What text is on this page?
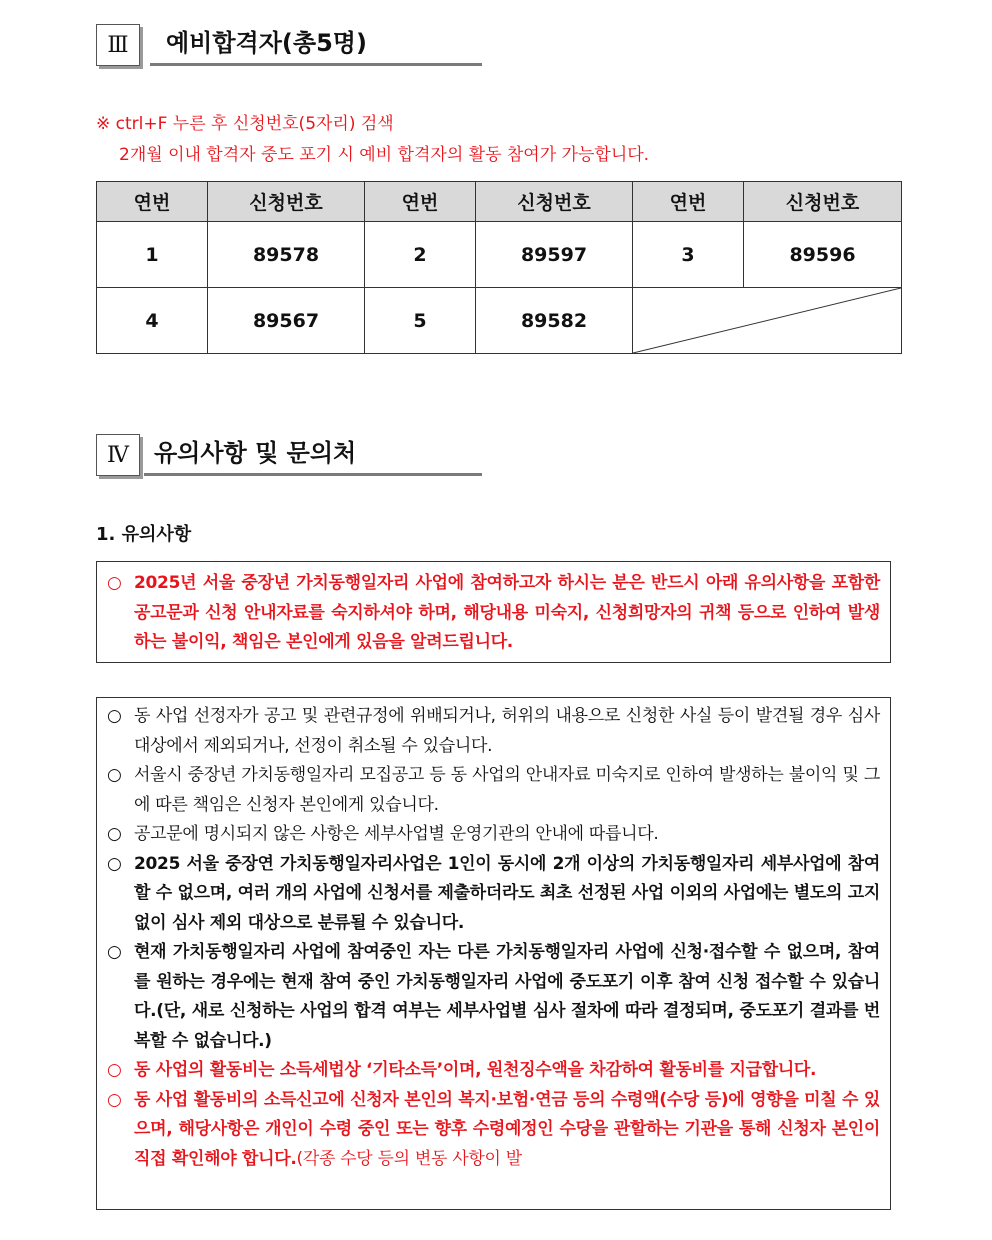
Ⅲ	예비합격자(총5명)
※ ctrl+F 누른 후 신청번호(5자리) 검색
2개월 이내 합격자 중도 포기 시 예비 합격자의 활동 참여가 가능합니다.
연번	신청번호	연번	신청번호	연번	신청번호
1	89578	2	89597	3	89596
4	89567	5	89582	
Ⅳ	유의사항 및 문의처
1. 유의사항
○ 2025년 서울 중장년 가치동행일자리 사업에 참여하고자 하시는 분은 반드시 아래 유의사항을 포함한 공고문과 신청 안내자료를 숙지하셔야 하며, 해당내용 미숙지, 신청희망자의 귀책 등으로 인하여 발생하는 불이익, 책임은 본인에게 있음을 알려드립니다.
○ 동 사업 선정자가 공고 및 관련규정에 위배되거나, 허위의 내용으로 신청한 사실 등이 발견될 경우 심사대상에서 제외되거나, 선정이 취소될 수 있습니다.
○ 서울시 중장년 가치동행일자리 모집공고 등 동 사업의 안내자료 미숙지로 인하여 발생하는 불이익 및 그에 따른 책임은 신청자 본인에게 있습니다.
○ 공고문에 명시되지 않은 사항은 세부사업별 운영기관의 안내에 따릅니다.
○ 2025 서울 중장연 가치동행일자리사업은 1인이 동시에 2개 이상의 가치동행일자리 세부사업에 참여할 수 없으며, 여러 개의 사업에 신청서를 제출하더라도 최초 선정된 사업 이외의 사업에는 별도의 고지 없이 심사 제외 대상으로 분류될 수 있습니다.
○ 현재 가치동행일자리 사업에 참여중인 자는 다른 가치동행일자리 사업에 신청·접수할 수 없으며, 참여를 원하는 경우에는 현재 참여 중인 가치동행일자리 사업에 중도포기 이후 참여 신청 접수할 수 있습니다.(단, 새로 신청하는 사업의 합격 여부는 세부사업별 심사 절차에 따라 결정되며, 중도포기 결과를 번복할 수 없습니다.)
○ 동 사업의 활동비는 소득세법상 ‘기타소득’이며, 원천징수액을 차감하여 활동비를 지급합니다.
○ 동 사업 활동비의 소득신고에 신청자 본인의 복지·보험·연금 등의 수령액(수당 등)에 영향을 미칠 수 있으며, 해당사항은 개인이 수령 중인 또는 향후 수령예정인 수당을 관할하는 기관을 통해 신청자 본인이 직접 확인해야 합니다.(각종 수당 등의 변동 사항이 발
